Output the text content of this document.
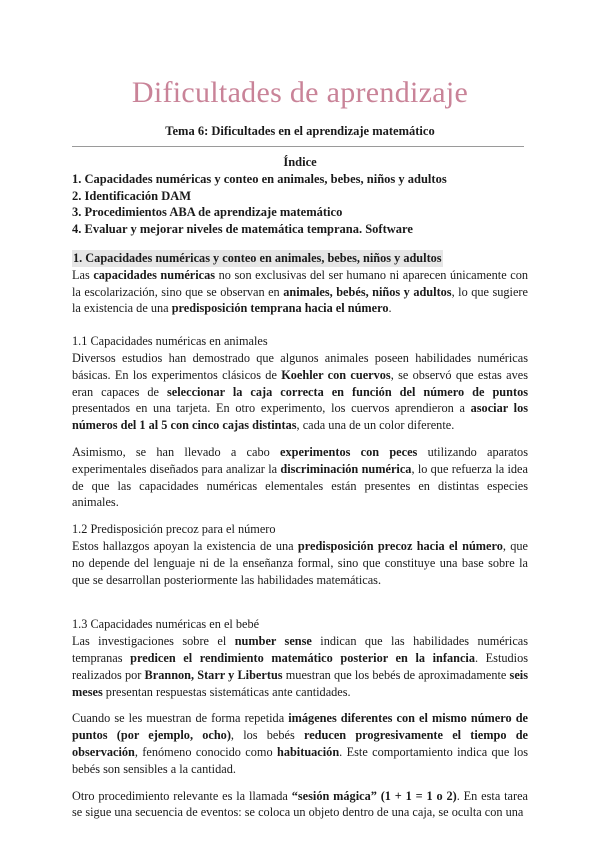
Dificultades de aprendizaje
Tema 6: Dificultades en el aprendizaje matemático
Índice
1. Capacidades numéricas y conteo en animales, bebes, niños y adultos
2. Identificación DAM
3. Procedimientos ABA de aprendizaje matemático
4. Evaluar y mejorar niveles de matemática temprana. Software

1. Capacidades numéricas y conteo en animales, bebes, niños y adultos

Las capacidades numéricas no son exclusivas del ser humano ni aparecen únicamente con la escolarización, sino que se observan en animales, bebés, niños y adultos, lo que sugiere la existencia de una predisposición temprana hacia el número.

1.1 Capacidades numéricas en animales

Diversos estudios han demostrado que algunos animales poseen habilidades numéricas básicas. En los experimentos clásicos de Koehler con cuervos, se observó que estas aves eran capaces de seleccionar la caja correcta en función del número de puntos presentados en una tarjeta. En otro experimento, los cuervos aprendieron a asociar los números del 1 al 5 con cinco cajas distintas, cada una de un color diferente.

Asimismo, se han llevado a cabo experimentos con peces utilizando aparatos experimentales diseñados para analizar la discriminación numérica, lo que refuerza la idea de que las capacidades numéricas elementales están presentes en distintas especies animales.

1.2 Predisposición precoz para el número

Estos hallazgos apoyan la existencia de una predisposición precoz hacia el número, que no depende del lenguaje ni de la enseñanza formal, sino que constituye una base sobre la que se desarrollan posteriormente las habilidades matemáticas.

1.3 Capacidades numéricas en el bebé

Las investigaciones sobre el number sense indican que las habilidades numéricas tempranas predicen el rendimiento matemático posterior en la infancia. Estudios realizados por Brannon, Starr y Libertus muestran que los bebés de aproximadamente seis meses presentan respuestas sistemáticas ante cantidades.

Cuando se les muestran de forma repetida imágenes diferentes con el mismo número de puntos (por ejemplo, ocho), los bebés reducen progresivamente el tiempo de observación, fenómeno conocido como habituación. Este comportamiento indica que los bebés son sensibles a la cantidad.

Otro procedimiento relevante es la llamada “sesión mágica” (1 + 1 = 1 o 2). En esta tarea se sigue una secuencia de eventos: se coloca un objeto dentro de una caja, se oculta con una
